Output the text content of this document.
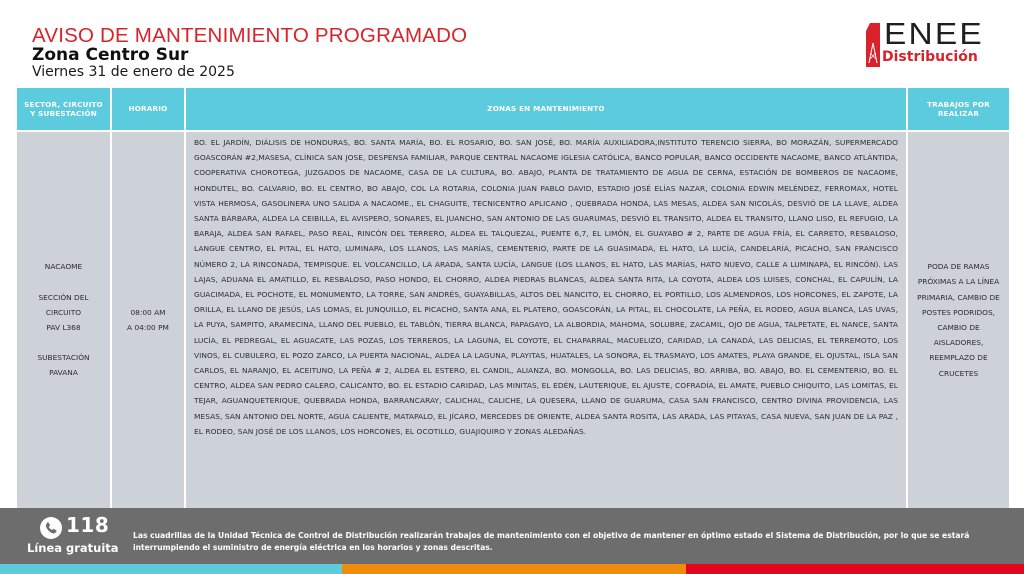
AVISO DE MANTENIMIENTO PROGRAMADO
Zona Centro Sur
Viernes 31 de enero de 2025
ENEE
Distribución
SECTOR, CIRCUITO Y SUBESTACIÓN
HORARIO	ZONAS EN MANTENIMIENTO
TRABAJOS POR REALIZAR
NACAOME
SECCIÓN DEL CIRCUITO
PAV L368
SUBESTACIÓN
PAVANA
08:00 AM
A 04:00 PM
BO. EL JARDÍN, DIÁLISIS DE HONDURAS, BO. SANTA MARÍA, BO. EL ROSARIO, BO. SAN JOSÉ, BO. MARÍA AUXILIADORA,INSTITUTO TERENCIO SIERRA, BO MORAZÁN, SUPERMERCADO GOASCORÁN #2,MASESA, CLÍNICA SAN JOSE, DESPENSA FAMILIAR, PARQUE CENTRAL NACAOME IGLESIA CATÓLICA, BANCO POPULAR, BANCO OCCIDENTE NACAOME, BANCO ATLÁNTIDA, COOPERATIVA CHOROTEGA, JUZGADOS DE NACAOME, CASA DE LA CULTURA, BO. ABAJO, PLANTA DE TRATAMIENTO DE AGUA DE CERNA, ESTACIÓN DE BOMBEROS DE NACAOME, HONDUTEL, BO. CALVARIO, BO. EL CENTRO, BO ABAJO, COL LA ROTARIA, COLONIA JUAN PABLO DAVID, ESTADIO JOSÉ ELÍAS NAZAR, COLONIA EDWIN MELÉNDEZ, FERROMAX, HOTEL VISTA HERMOSA, GASOLINERA UNO SALIDA A NACAOME., EL CHAGUITE, TECNICENTRO APLICANO , QUEBRADA HONDA, LAS MESAS, ALDEA SAN NICOLÁS, DESVIÓ DE LA LLAVE, ALDEA SANTA BÁRBARA, ALDEA LA CEIBILLA, EL AVISPERO, SONARES, EL JUANCHO, SAN ANTONIO DE LAS GUARUMAS, DESVIÓ EL TRANSITO, ALDEA EL TRANSITO, LLANO LISO, EL REFUGIO, LA BARAJA, ALDEA SAN RAFAEL, PASO REAL, RINCÓN DEL TERRERO, ALDEA EL TALQUEZAL, PUENTE 6,7, EL LIMÓN, EL GUAYABO # 2, PARTE DE AGUA FRÍA, EL CARRETO, RESBALOSO, LANGUE CENTRO, EL PITAL, EL HATO, LUMINAPA, LOS LLANOS, LAS MARÍAS, CEMENTERIO, PARTE DE LA GUASIMADA, EL HATO, LA LUCÍA, CANDELARÍA, PICACHO, SAN FRANCISCO NÚMERO 2, LA RINCONADA, TEMPISQUE. EL VOLCANCILLO, LA ARADA, SANTA LUCÍA, LANGUE (LOS LLANOS, EL HATO, LAS MARÍAS, HATO NUEVO, CALLE A LUMINAPA, EL RINCÓN). LAS LAJAS, ADUANA EL AMATILLO, EL RESBALOSO, PASO HONDO, EL CHORRO, ALDEA PIEDRAS BLANCAS, ALDEA SANTA RITA, LA COYOTA, ALDEA LOS LUISES, CONCHAL, EL CAPULÍN, LA GUACIMADA, EL POCHOTE, EL MONUMENTO, LA TORRE, SAN ANDRÉS, GUAYABILLAS, ALTOS DEL NANCITO, EL CHORRO, EL PORTILLO, LOS ALMENDROS, LOS HORCONES, EL ZAPOTE, LA ORILLA, EL LLANO DE JESÚS, LAS LOMAS, EL JUNQUILLO, EL PICACHO, SANTA ANA, EL PLATERO, GOASCORÁN, LA PITAL, EL CHOCOLATE, LA PEÑA, EL RODEO, AGUA BLANCA, LAS UVAS, LA PUYA, SAMPITO, ARAMECINA, LLANO DEL PUEBLO, EL TABLÓN, TIERRA BLANCA, PAPAGAYO, LA ALBORDIA, MAHOMA, SOLUBRE, ZACAMIL, OJO DE AGUA, TALPETATE, EL NANCE, SANTA LUCÍA, EL PEDREGAL, EL AGUACATE, LAS POZAS, LOS TERREROS, LA LAGUNA, EL COYOTE, EL CHAPARRAL, MACUELIZO, CARIDAD, LA CANADÁ, LAS DELICIAS, EL TERREMOTO, LOS VINOS, EL CUBULERO, EL POZO ZARCO, LA PUERTA NACIONAL, ALDEA LA LAGUNA, PLAYITAS, HUATALES, LA SONORA, EL TRASMAYO, LOS AMATES, PLAYA GRANDE, EL OJUSTAL, ISLA SAN CARLOS, EL NARANJO, EL ACEITUNO, LA PEÑA # 2, ALDEA EL ESTERO, EL CANDIL, ALIANZA, BO. MONGOLLA, BO. LAS DELICIAS, BO. ARRIBA, BO. ABAJO, BO. EL CEMENTERIO, BO. EL CENTRO, ALDEA SAN PEDRO CALERO, CALICANTO, BO. EL ESTADIO CARIDAD, LAS MINITAS, EL EDÉN, LAUTERIQUE, EL AJUSTE, COFRADÍA, EL AMATE, PUEBLO CHIQUITO, LAS LOMITAS, EL TEJAR, AGUANQUETERIQUE, QUEBRADA HONDA, BARRANCARAY, CALICHAL, CALICHE, LA QUESERA, LLANO DE GUARUMA, CASA SAN FRANCISCO, CENTRO DIVINA PROVIDENCIA, LAS MESAS, SAN ANTONIO DEL NORTE, AGUA CALIENTE, MATAPALO, EL JÍCARO, MERCEDES DE ORIENTE, ALDEA SANTA ROSITA, LAS ARADA, LAS PITAYAS, CASA NUEVA, SAN JUAN DE LA PAZ , EL RODEO, SAN JOSÉ DE LOS LLANOS, LOS HORCONES, EL OCOTILLO, GUAJIQUIRO Y ZONAS ALEDAÑAS.
PODA DE RAMAS PRÓXIMAS A LA LÍNEA PRIMARIA, CAMBIO DE POSTES PODRIDOS, CAMBIO DE AISLADORES, REEMPLAZO DE CRUCETES
118
Línea gratuita
Las cuadrillas de la Unidad Técnica de Control de Distribución realizarán trabajos de mantenimiento con el objetivo de mantener en óptimo estado el Sistema de Distribución, por lo que se estará interrumpiendo el suministro de energía eléctrica en los horarios y zonas descritas.
